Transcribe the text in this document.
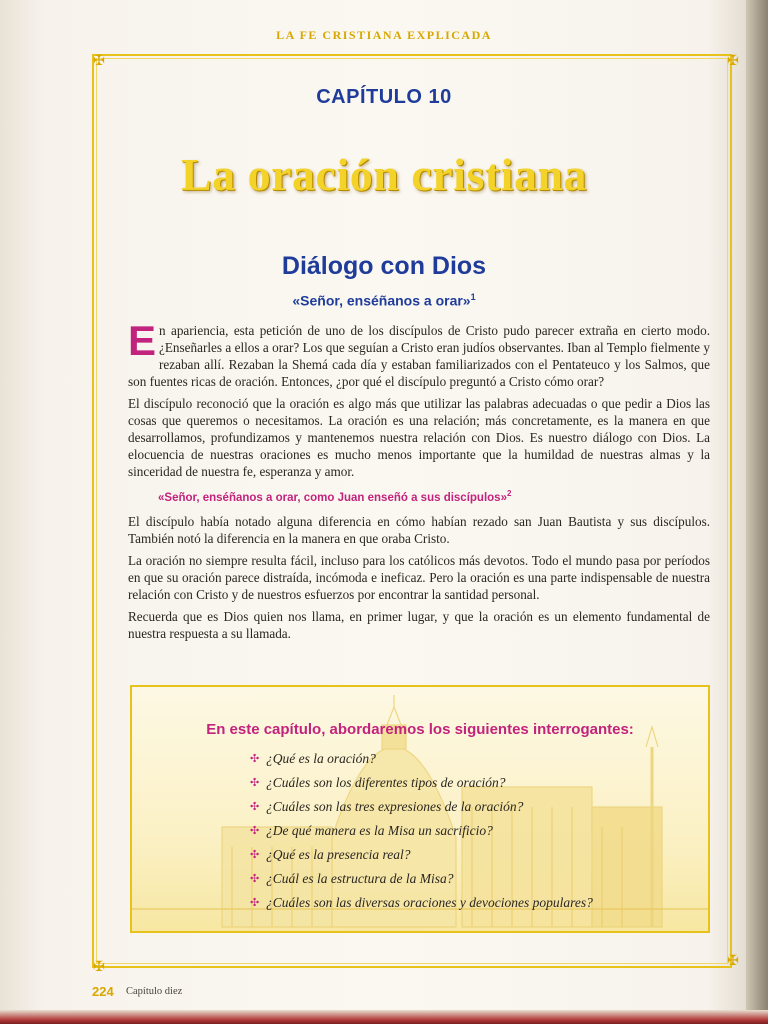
LA FE CRISTIANA EXPLICADA
✠	✠
✠	✠
CAPÍTULO 10
La oración cristiana
Diálogo con Dios
«Señor, enséñanos a orar»$^1$

En apariencia, esta petición de uno de los discípulos de Cristo pudo parecer extraña en cierto modo. ¿Enseñarles a ellos a orar? Los que seguían a Cristo eran judíos observantes. Iban al Templo fielmente y rezaban allí. Rezaban la Shemá cada día y estaban familiarizados con el Pentateuco y los Salmos, que son fuentes ricas de oración. Entonces, ¿por qué el discípulo preguntó a Cristo cómo orar?

El discípulo reconoció que la oración es algo más que utilizar las palabras adecuadas o que pedir a Dios las cosas que queremos o necesitamos. La oración es una relación; más concretamente, es la manera en que desarrollamos, profundizamos y mantenemos nuestra relación con Dios. Es nuestro diálogo con Dios. La elocuencia de nuestras oraciones es mucho menos importante que la humildad de nuestras almas y la sinceridad de nuestra fe, esperanza y amor.

«Señor, enséñanos a orar, como Juan enseñó a sus discípulos»$^2$

El discípulo había notado alguna diferencia en cómo habían rezado san Juan Bautista y sus discípulos. También notó la diferencia en la manera en que oraba Cristo.

La oración no siempre resulta fácil, incluso para los católicos más devotos. Todo el mundo pasa por períodos en que su oración parece distraída, incómoda e ineficaz. Pero la oración es una parte indispensable de nuestra relación con Cristo y de nuestros esfuerzos por encontrar la santidad personal.

Recuerda que es Dios quien nos llama, en primer lugar, y que la oración es un elemento fundamental de nuestra respuesta a su llamada.

En este capítulo, abordaremos los siguientes interrogantes:
✣ ¿Qué es la oración?
✣ ¿Cuáles son los diferentes tipos de oración?
✣ ¿Cuáles son las tres expresiones de la oración?
✣ ¿De qué manera es la Misa un sacrificio?
✣ ¿Qué es la presencia real?
✣ ¿Cuál es la estructura de la Misa?
✣ ¿Cuáles son las diversas oraciones y devociones populares?
224 Capítulo diez
